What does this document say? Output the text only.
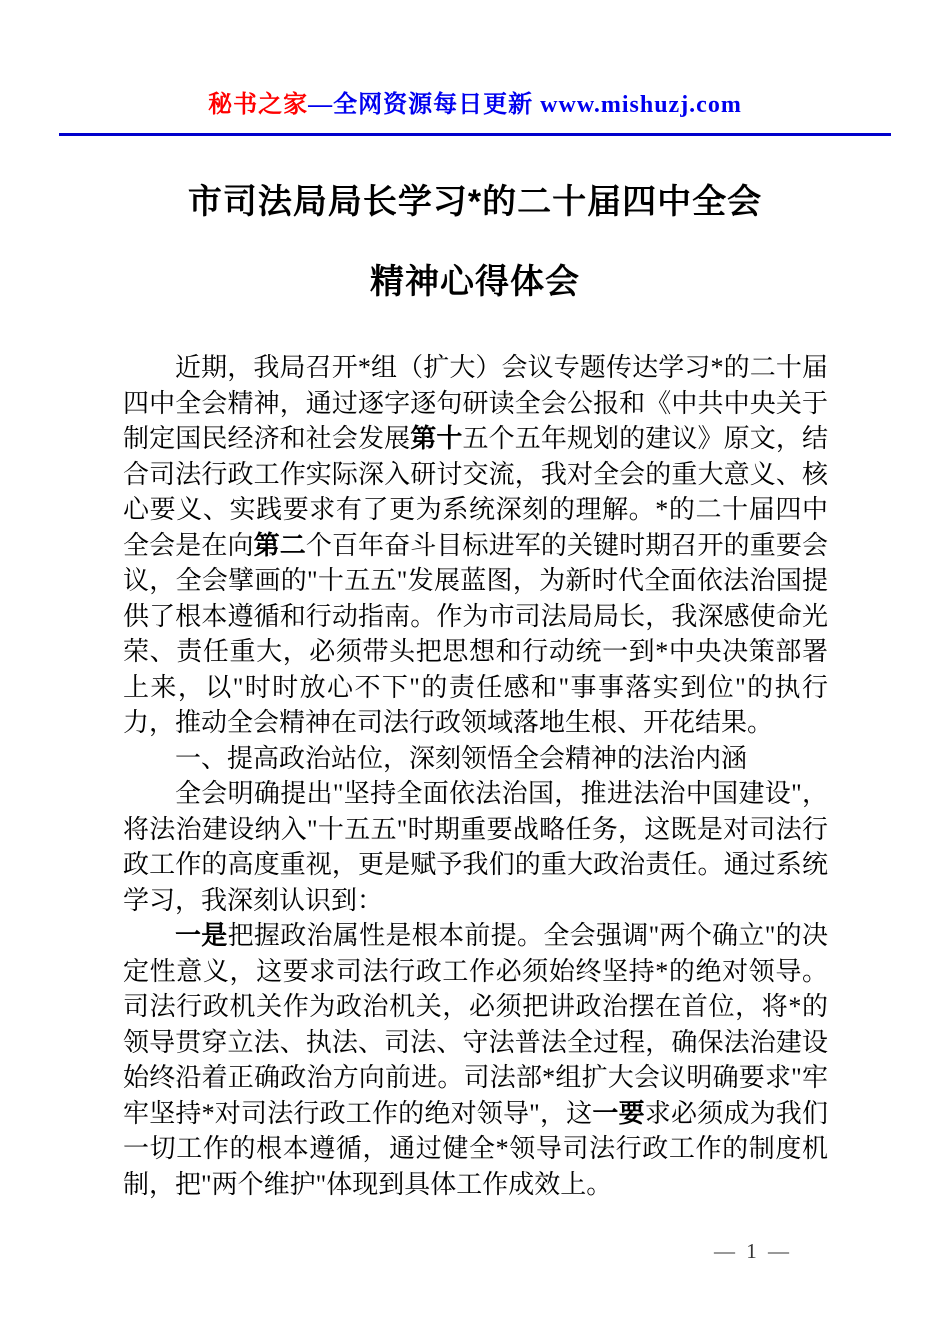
秘书之家—全网资源每日更新 www.mishuzj.com
市司法局局长学习*的二十届四中全会
精神心得体会

近期，我局召开*组（扩大）会议专题传达学习*的二十届四中全会精神，通过逐字逐句研读全会公报和《中共中央关于制定国民经济和社会发展第十五个五年规划的建议》原文，结合司法行政工作实际深入研讨交流，我对全会的重大意义、核心要义、实践要求有了更为系统深刻的理解。*的二十届四中全会是在向第二个百年奋斗目标进军的关键时期召开的重要会议，全会擘画的"十五五"发展蓝图，为新时代全面依法治国提供了根本遵循和行动指南。作为市司法局局长，我深感使命光荣、责任重大，必须带头把思想和行动统一到*中央决策部署上来，以"时时放心不下"的责任感和"事事落实到位"的执行力，推动全会精神在司法行政领域落地生根、开花结果。

一、提高政治站位，深刻领悟全会精神的法治内涵

全会明确提出"坚持全面依法治国，推进法治中国建设"，将法治建设纳入"十五五"时期重要战略任务，这既是对司法行政工作的高度重视，更是赋予我们的重大政治责任。通过系统学习，我深刻认识到：

一是把握政治属性是根本前提。全会强调"两个确立"的决定性意义，这要求司法行政工作必须始终坚持*的绝对领导。司法行政机关作为政治机关，必须把讲政治摆在首位，将*的领导贯穿立法、执法、司法、守法普法全过程，确保法治建设始终沿着正确政治方向前进。司法部*组扩大会议明确要求"牢牢坚持*对司法行政工作的绝对领导"，这一要求必须成为我们一切工作的根本遵循，通过健全*领导司法行政工作的制度机制，把"两个维护"体现到具体工作成效上。

— 1 —
